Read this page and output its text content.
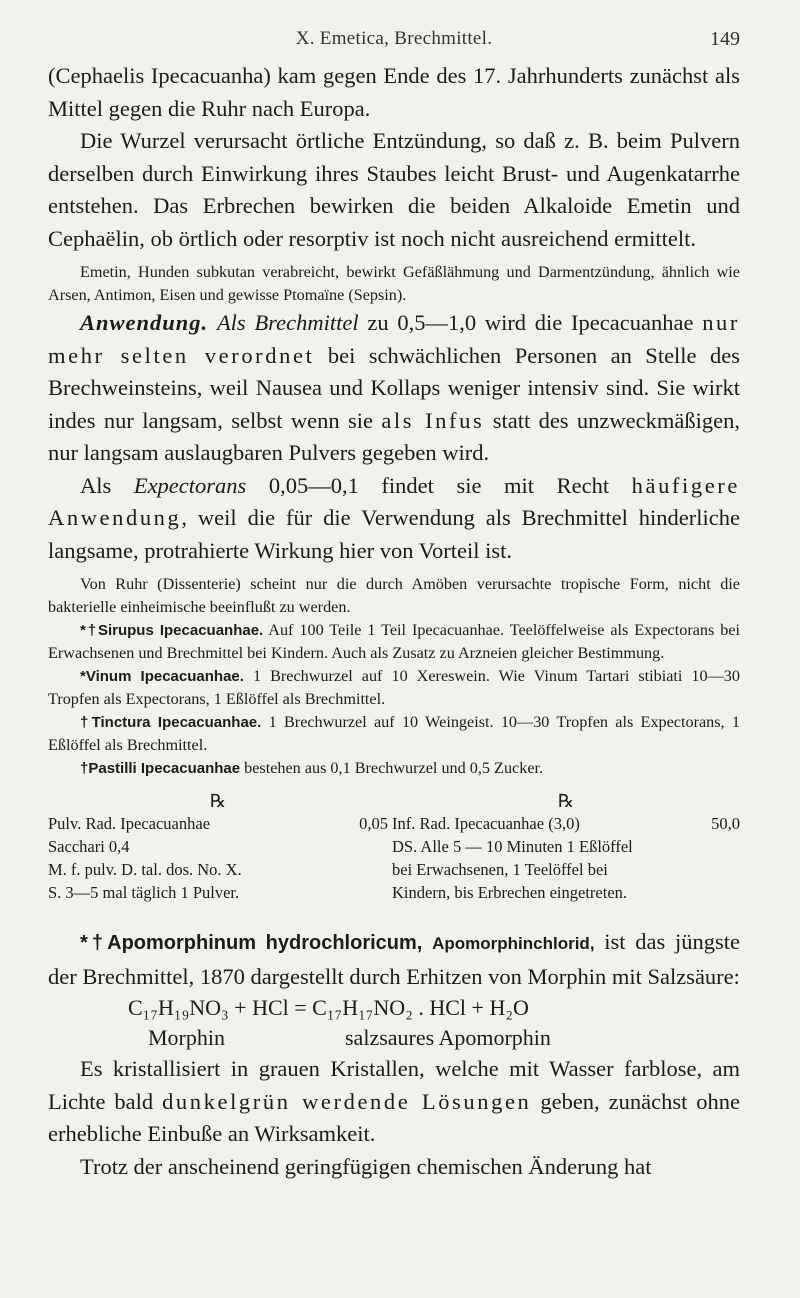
X. Emetica, Brechmittel.	149

(Cephaelis Ipecacuanha) kam gegen Ende des 17. Jahrhunderts zunächst als Mittel gegen die Ruhr nach Europa.

Die Wurzel verursacht örtliche Entzündung, so daß z. B. beim Pulvern derselben durch Einwirkung ihres Staubes leicht Brust- und Augenkatarrhe entstehen. Das Erbrechen bewirken die beiden Alkaloide Emetin und Cephaëlin, ob örtlich oder resorptiv ist noch nicht ausreichend ermittelt.

Emetin, Hunden subkutan verabreicht, bewirkt Gefäßlähmung und Darmentzündung, ähnlich wie Arsen, Antimon, Eisen und gewisse Ptomaïne (Sepsin).

Anwendung. Als Brechmittel zu 0,5—1,0 wird die Ipecacuanhae nur mehr selten verordnet bei schwächlichen Personen an Stelle des Brechweinsteins, weil Nausea und Kollaps weniger intensiv sind. Sie wirkt indes nur langsam, selbst wenn sie als Infus statt des unzweckmäßigen, nur langsam auslaugbaren Pulvers gegeben wird.

Als Expectorans 0,05—0,1 findet sie mit Recht häufigere Anwendung, weil die für die Verwendung als Brechmittel hinderliche langsame, protrahierte Wirkung hier von Vorteil ist.

Von Ruhr (Dissenterie) scheint nur die durch Amöben verursachte tropische Form, nicht die bakterielle einheimische beeinflußt zu werden.

*†Sirupus Ipecacuanhae. Auf 100 Teile 1 Teil Ipecacuanhae. Teelöffelweise als Expectorans bei Erwachsenen und Brechmittel bei Kindern. Auch als Zusatz zu Arzneien gleicher Bestimmung.

*Vinum Ipecacuanhae. 1 Brechwurzel auf 10 Xereswein. Wie Vinum Tartari stibiati 10—30 Tropfen als Expectorans, 1 Eßlöffel als Brechmittel.

†Tinctura Ipecacuanhae. 1 Brechwurzel auf 10 Weingeist. 10—30 Tropfen als Expectorans, 1 Eßlöffel als Brechmittel.

†Pastilli Ipecacuanhae bestehen aus 0,1 Brechwurzel und 0,5 Zucker.

℞
Pulv. Rad. Ipecacuanhae	0,05
Sacchari 0,4
M. f. pulv. D. tal. dos. No. X.
S. 3—5 mal täglich 1 Pulver.
℞
Inf. Rad. Ipecacuanhae (3,0)	50,0
DS. Alle 5 — 10 Minuten 1 Eßlöffel
bei Erwachsenen, 1 Teelöffel bei
Kindern, bis Erbrechen eingetreten.

*†Apomorphinum hydrochloricum, Apomorphinchlorid, ist das jüngste der Brechmittel, 1870 dargestellt durch Erhitzen von Morphin mit Salzsäure:

C₁₇H₁₉NO₃ + HCl = C₁₇H₁₇NO₂ . HCl + H₂O
Morphin	salzsaures Apomorphin

Es kristallisiert in grauen Kristallen, welche mit Wasser farblose, am Lichte bald dunkelgrün werdende Lösungen geben, zunächst ohne erhebliche Einbuße an Wirksamkeit.

Trotz der anscheinend geringfügigen chemischen Änderung hat
